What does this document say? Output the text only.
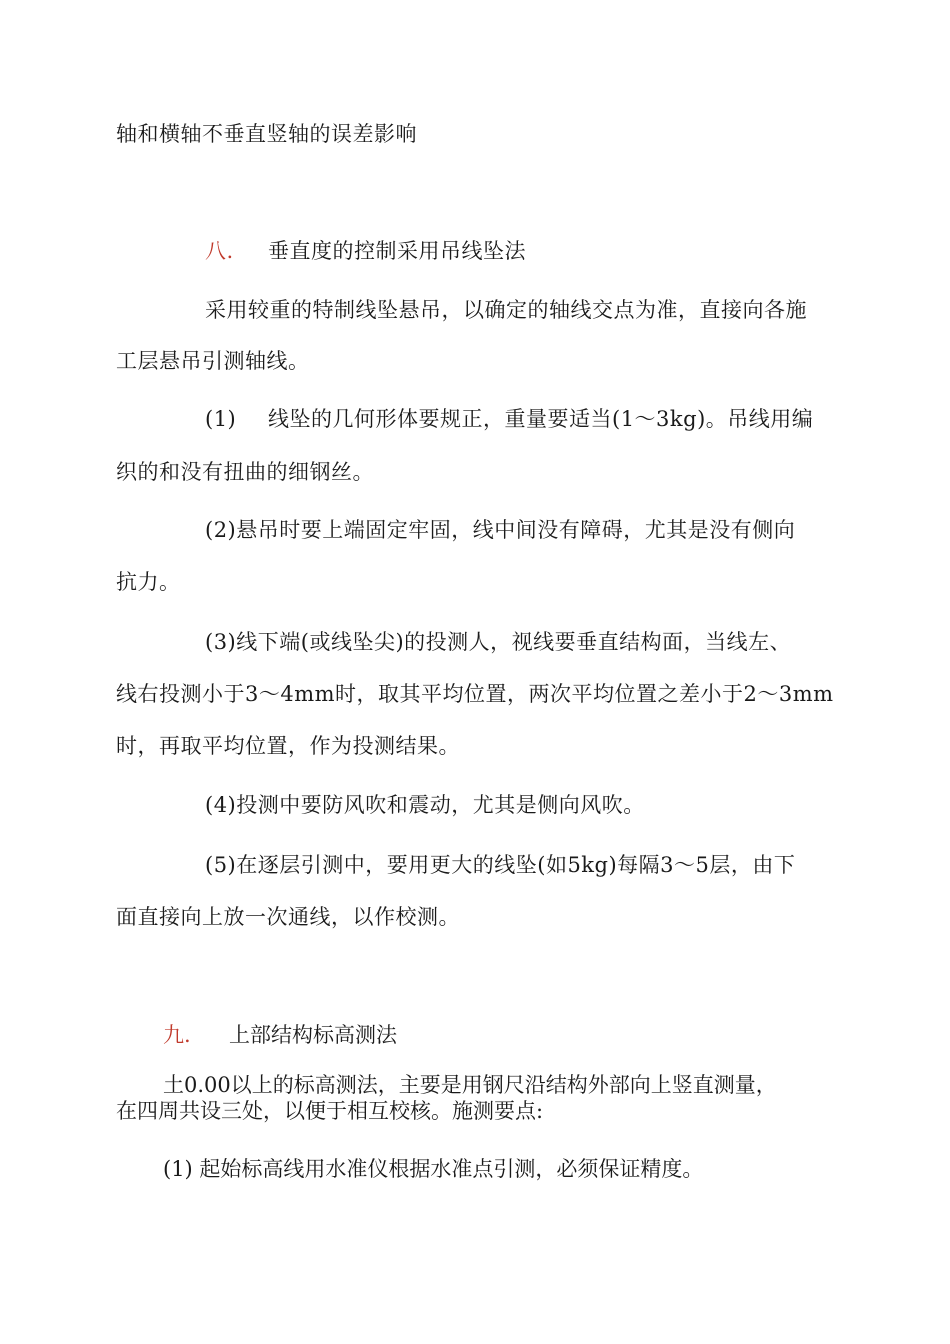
轴和横轴不垂直竖轴的误差影响
八. 垂直度的控制采用吊线坠法
采用较重的特制线坠悬吊，以确定的轴线交点为准，直接向各施
工层悬吊引测轴线。
(1) 线坠的几何形体要规正，重量要适当(1～3kg)。吊线用编
织的和没有扭曲的细钢丝。
(2)悬吊时要上端固定牢固，线中间没有障碍，尤其是没有侧向
抗力。
(3)线下端(或线坠尖)的投测人，视线要垂直结构面，当线左、
线右投测小于3～4mm时，取其平均位置，两次平均位置之差小于2～3mm
时，再取平均位置，作为投测结果。
(4)投测中要防风吹和震动，尤其是侧向风吹。
(5)在逐层引测中，要用更大的线坠(如5kg)每隔3～5层，由下
面直接向上放一次通线，以作校测。
九. 上部结构标高测法
土0.00以上的标高测法，主要是用钢尺沿结构外部向上竖直测量，
在四周共设三处，以便于相互校核。施测要点:
(1) 起始标高线用水准仪根据水准点引测，必须保证精度。
